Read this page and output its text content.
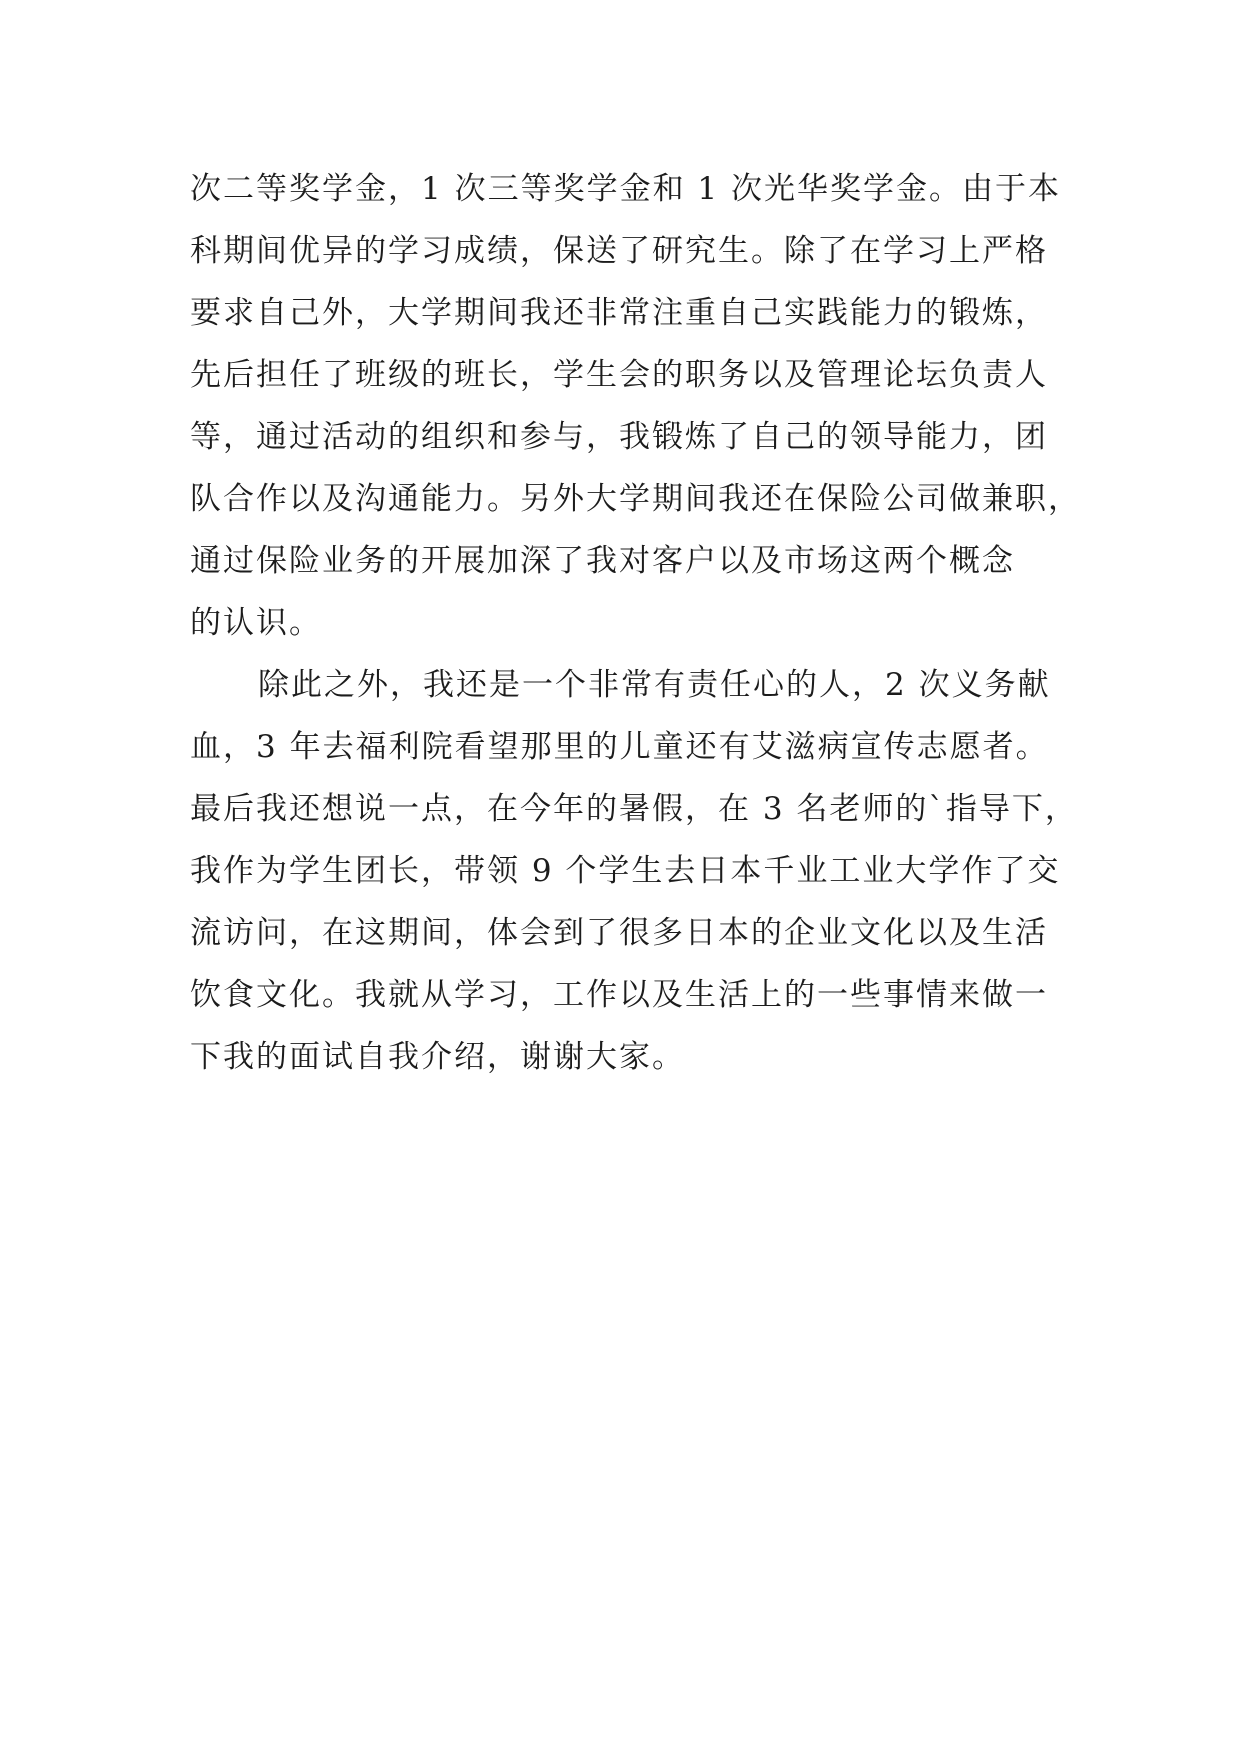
次二等奖学金，1 次三等奖学金和 1 次光华奖学金。由于本
科期间优异的学习成绩，保送了研究生。除了在学习上严格
要求自己外，大学期间我还非常注重自己实践能力的锻炼，
先后担任了班级的班长，学生会的职务以及管理论坛负责人
等，通过活动的组织和参与，我锻炼了自己的领导能力，团
队合作以及沟通能力。另外大学期间我还在保险公司做兼职，
通过保险业务的开展加深了我对客户以及市场这两个概念
的认识。
除此之外，我还是一个非常有责任心的人，2 次义务献
血，3 年去福利院看望那里的儿童还有艾滋病宣传志愿者。
最后我还想说一点，在今年的暑假，在 3 名老师的`指导下，
我作为学生团长，带领 9 个学生去日本千业工业大学作了交
流访问，在这期间，体会到了很多日本的企业文化以及生活
饮食文化。我就从学习，工作以及生活上的一些事情来做一
下我的面试自我介绍，谢谢大家。
